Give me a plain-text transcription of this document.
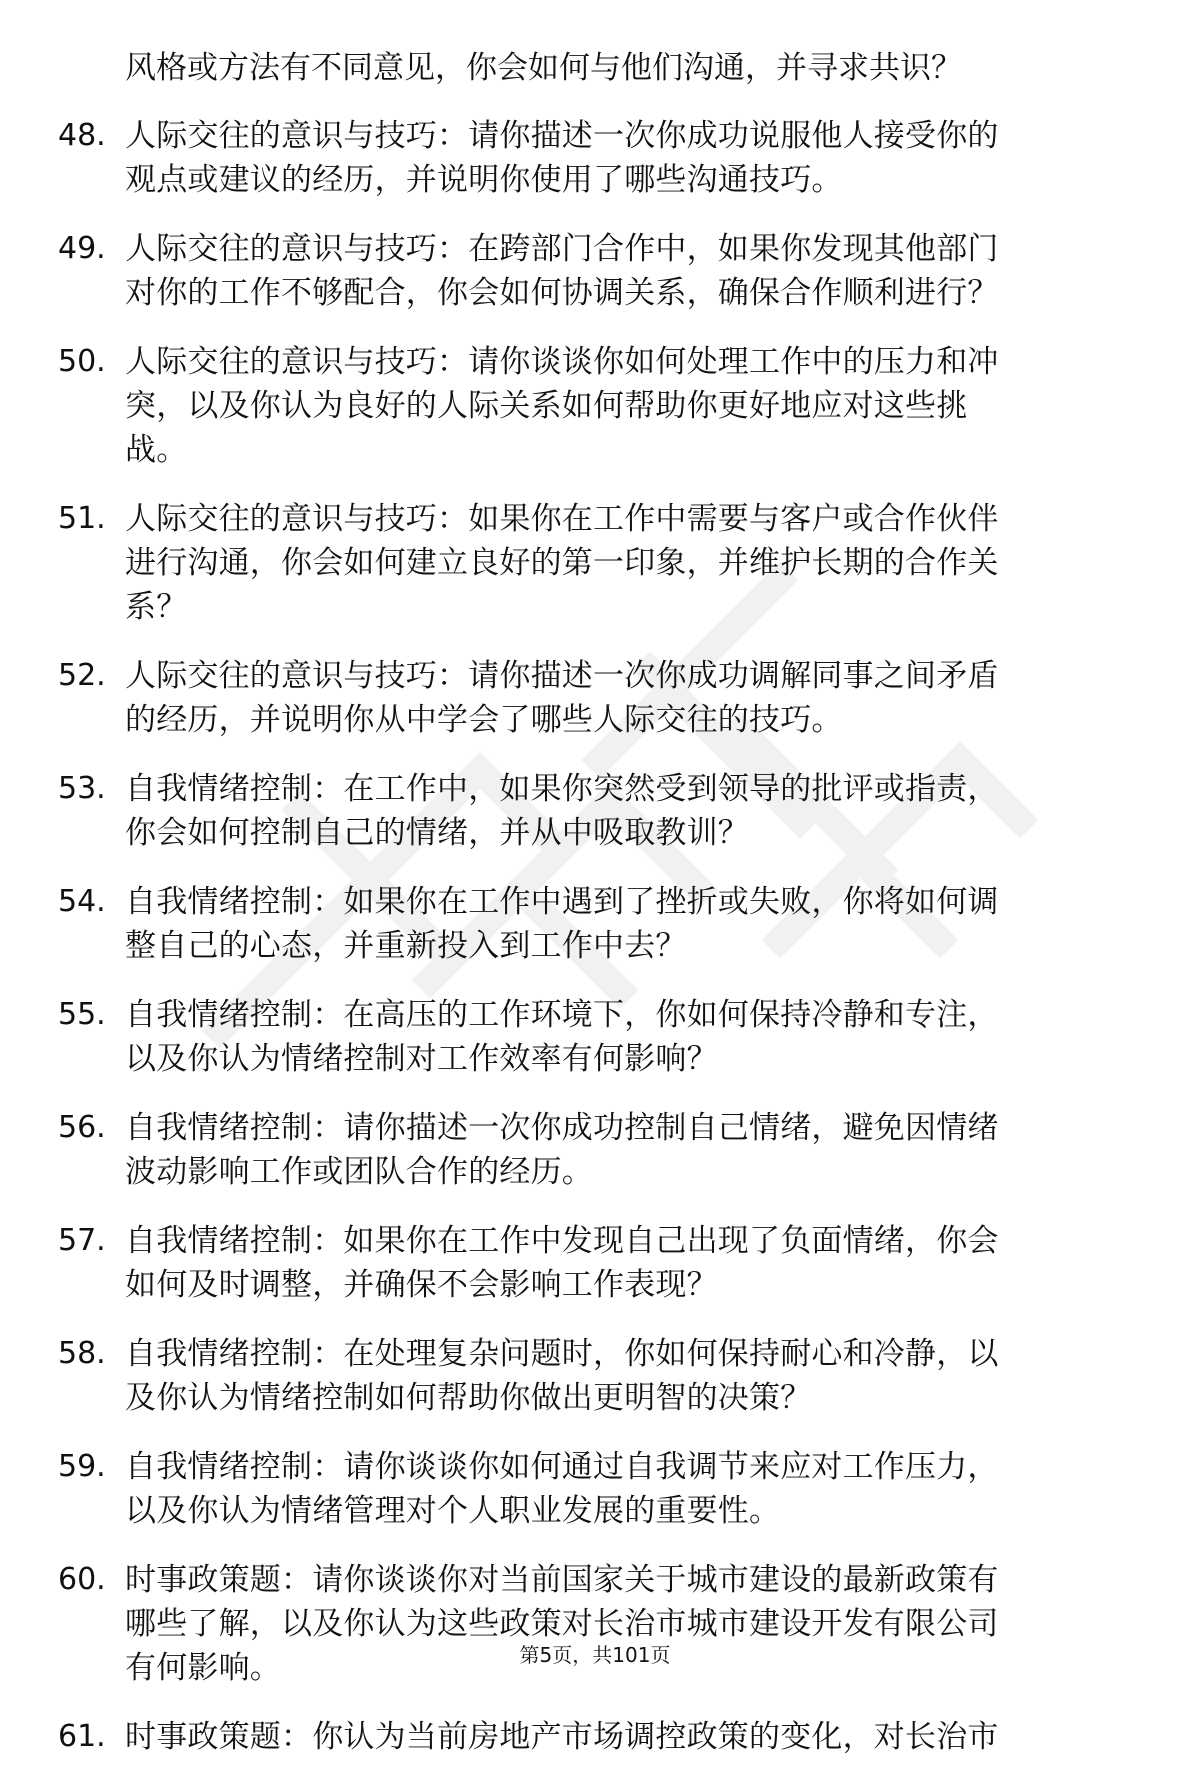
风格或方法有不同意见，你会如何与他们沟通，并寻求共识？
48. 人际交往的意识与技巧：请你描述一次你成功说服他人接受你的
观点或建议的经历，并说明你使用了哪些沟通技巧。
49. 人际交往的意识与技巧：在跨部门合作中，如果你发现其他部门
对你的工作不够配合，你会如何协调关系，确保合作顺利进行？
50. 人际交往的意识与技巧：请你谈谈你如何处理工作中的压力和冲
突，以及你认为良好的人际关系如何帮助你更好地应对这些挑
战。
51. 人际交往的意识与技巧：如果你在工作中需要与客户或合作伙伴
进行沟通，你会如何建立良好的第一印象，并维护长期的合作关
系？
52. 人际交往的意识与技巧：请你描述一次你成功调解同事之间矛盾
的经历，并说明你从中学会了哪些人际交往的技巧。
53. 自我情绪控制：在工作中，如果你突然受到领导的批评或指责，
你会如何控制自己的情绪，并从中吸取教训？
54. 自我情绪控制：如果你在工作中遇到了挫折或失败，你将如何调
整自己的心态，并重新投入到工作中去？
55. 自我情绪控制：在高压的工作环境下，你如何保持冷静和专注，
以及你认为情绪控制对工作效率有何影响？
56. 自我情绪控制：请你描述一次你成功控制自己情绪，避免因情绪
波动影响工作或团队合作的经历。
57. 自我情绪控制：如果你在工作中发现自己出现了负面情绪，你会
如何及时调整，并确保不会影响工作表现？
58. 自我情绪控制：在处理复杂问题时，你如何保持耐心和冷静，以
及你认为情绪控制如何帮助你做出更明智的决策？
59. 自我情绪控制：请你谈谈你如何通过自我调节来应对工作压力，
以及你认为情绪管理对个人职业发展的重要性。
60. 时事政策题：请你谈谈你对当前国家关于城市建设的最新政策有
哪些了解，以及你认为这些政策对长治市城市建设开发有限公司
有何影响。
61. 时事政策题：你认为当前房地产市场调控政策的变化，对长治市
第5页，共101页
